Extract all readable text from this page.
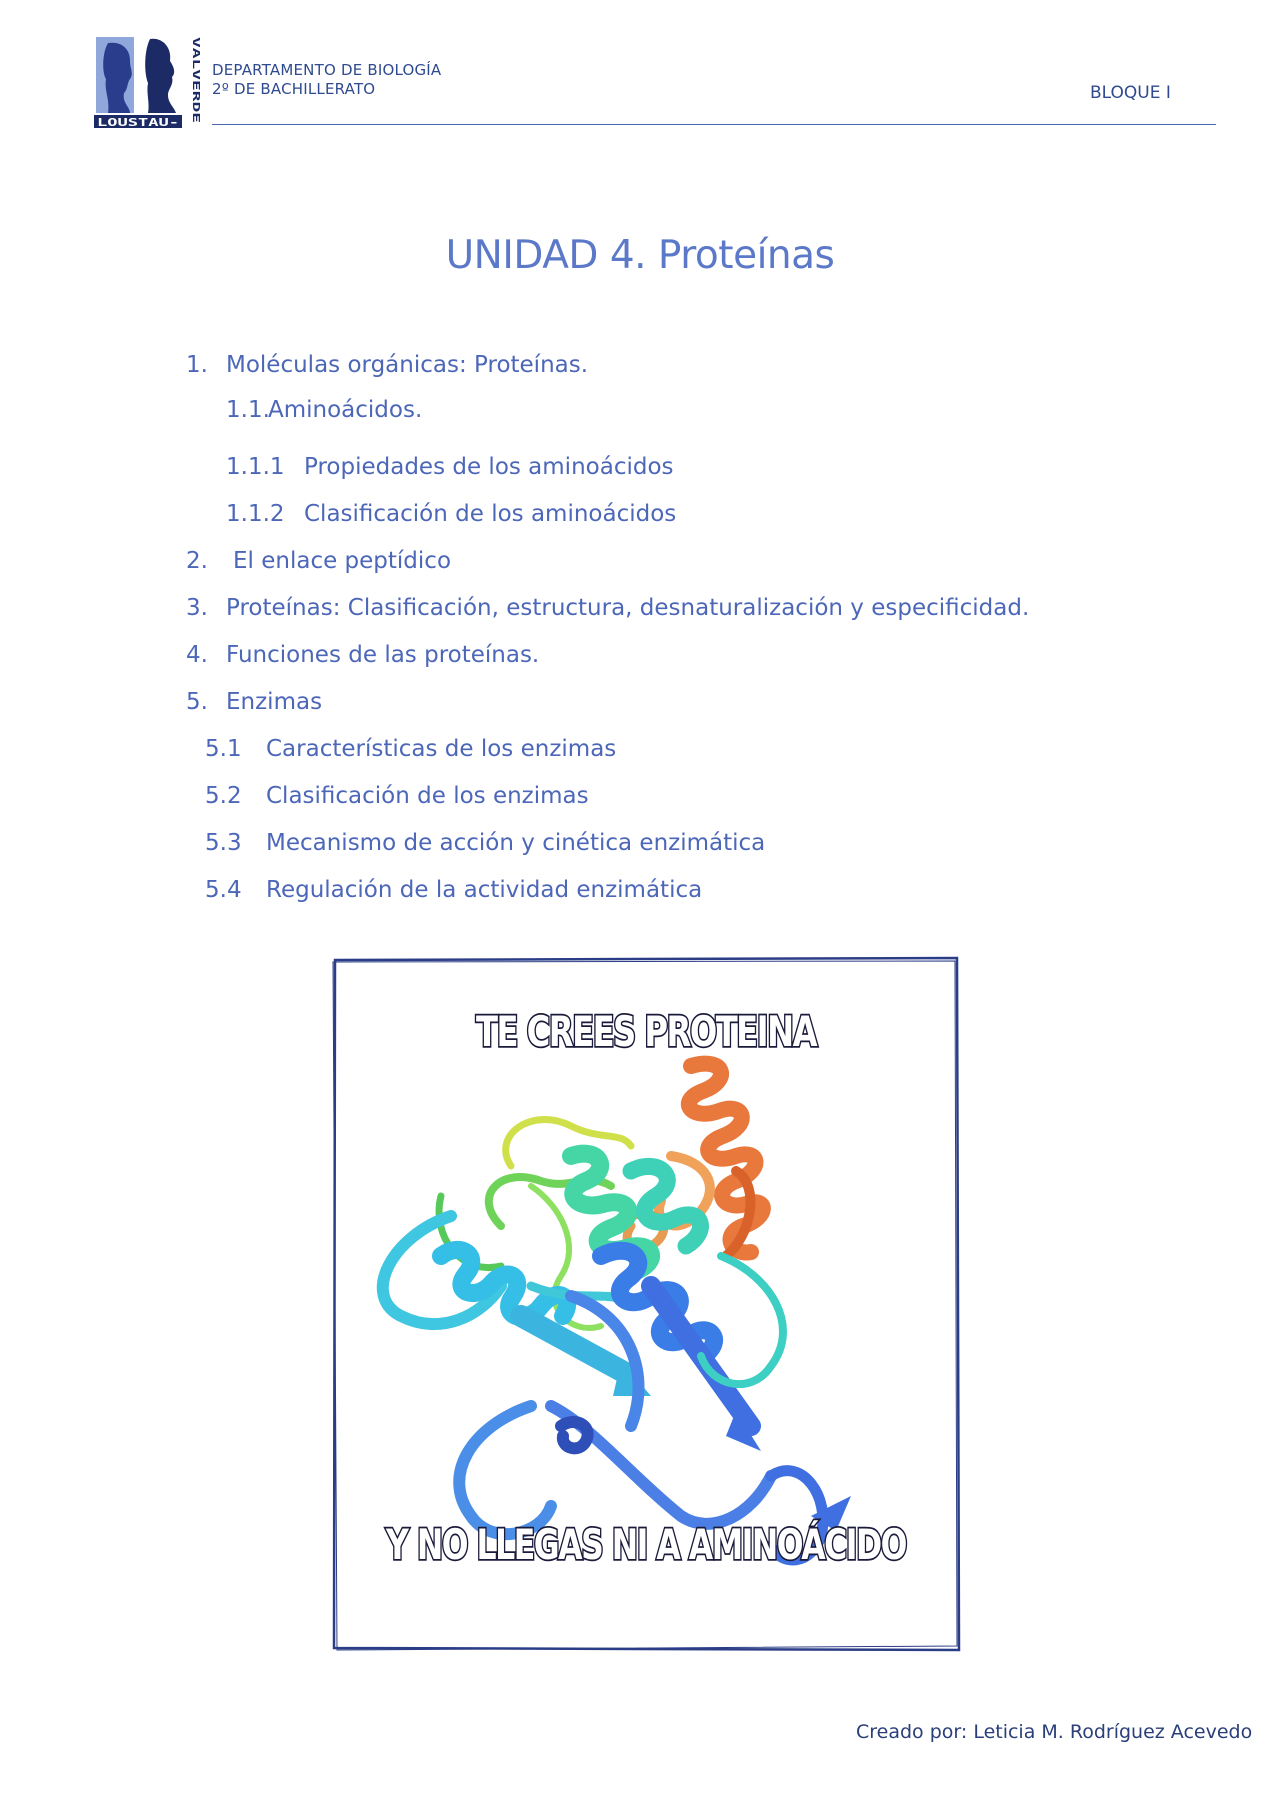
VALVERDE
LOUSTAU-
DEPARTAMENTO DE BIOLOGÍA
2º DE BACHILLERATO	BLOQUE I
UNIDAD 4. Proteínas
1. Moléculas orgánicas: Proteínas.
1.1.
Aminoácidos.
1.1.1 Propiedades de los aminoácidos
1.1.2 Clasificación de los aminoácidos
2. El enlace peptídico
3. Proteínas: Clasificación, estructura, desnaturalización y especificidad.
4. Funciones de las proteínas.
5. Enzimas
5.1 Características de los enzimas
5.2 Clasificación de los enzimas
5.3 Mecanismo de acción y cinética enzimática
5.4 Regulación de la actividad enzimática
TE CREES PROTEINA
Y NO LLEGAS NI A AMINOÁCIDO
Creado por: Leticia M. Rodríguez Acevedo
